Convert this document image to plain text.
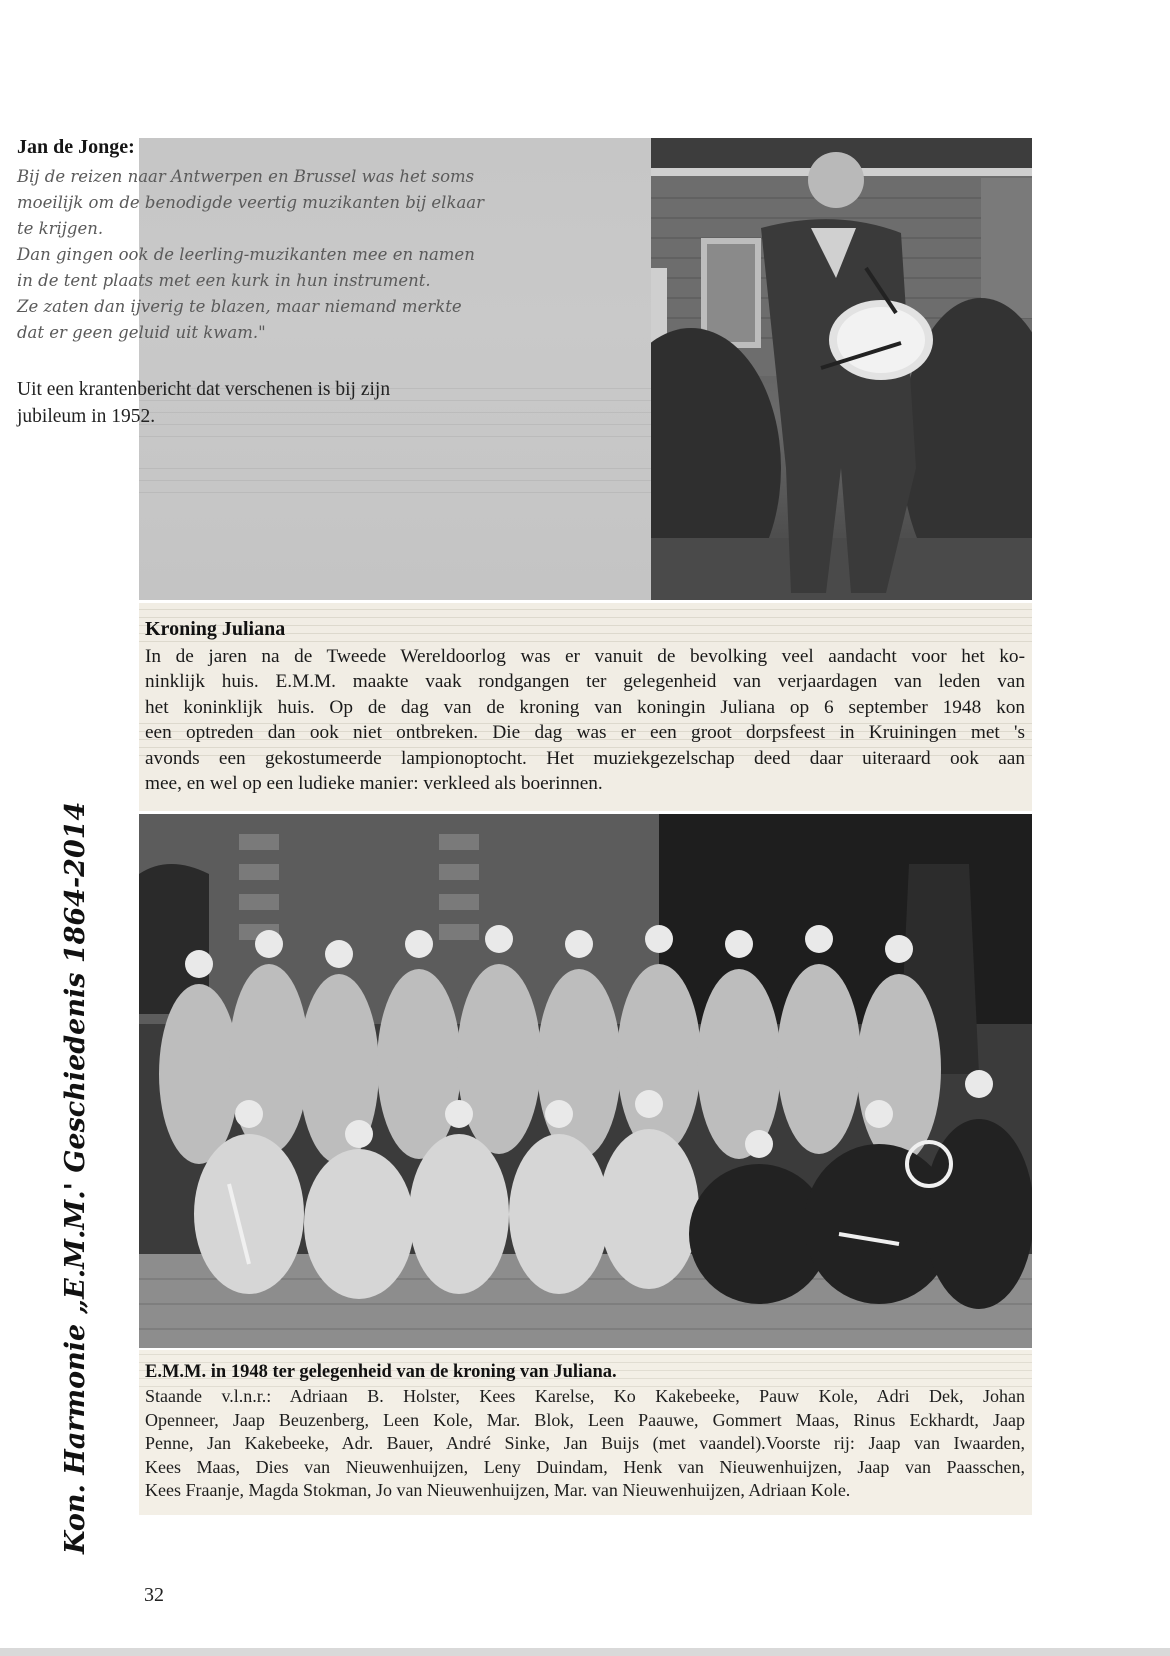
Jan de Jonge:
Bij de reizen naar Antwerpen en Brussel was het soms
moeilijk om de benodigde veertig muzikanten bij elkaar
te krijgen.
Dan gingen ook de leerling-muzikanten mee en namen
in de tent plaats met een kurk in hun instrument.
Ze zaten dan ijverig te blazen, maar niemand merkte
dat er geen geluid uit kwam."
Uit een krantenbericht dat verschenen is bij zijn
jubileum in 1952.
Kroning Juliana
In de jaren na de Tweede Wereldoorlog was er vanuit de bevolking veel aandacht voor het ko-
ninklijk huis. E.M.M. maakte vaak rondgangen ter gelegenheid van verjaardagen van leden van
het koninklijk huis. Op de dag van de kroning van koningin Juliana op 6 september 1948 kon
een optreden dan ook niet ontbreken. Die dag was er een groot dorpsfeest in Kruiningen met 's
avonds een gekostumeerde lampionoptocht. Het muziekgezelschap deed daar uiteraard ook aan
mee, en wel op een ludieke manier: verkleed als boerinnen.
E.M.M. in 1948 ter gelegenheid van de kroning van Juliana.
Staande v.l.n.r.: Adriaan B. Holster, Kees Karelse, Ko Kakebeeke, Pauw Kole, Adri Dek, Johan
Openneer, Jaap Beuzenberg, Leen Kole, Mar. Blok, Leen Paauwe, Gommert Maas, Rinus Eckhardt, Jaap
Penne, Jan Kakebeeke, Adr. Bauer, André Sinke, Jan Buijs (met vaandel).Voorste rij: Jaap van Iwaarden,
Kees Maas, Dies van Nieuwenhuijzen, Leny Duindam, Henk van Nieuwenhuijzen, Jaap van Paasschen,
Kees Fraanje, Magda Stokman, Jo van Nieuwenhuijzen, Mar. van Nieuwenhuijzen, Adriaan Kole.
Kon. Harmonie „E.M.M.' Geschiedenis 1864-2014
32
